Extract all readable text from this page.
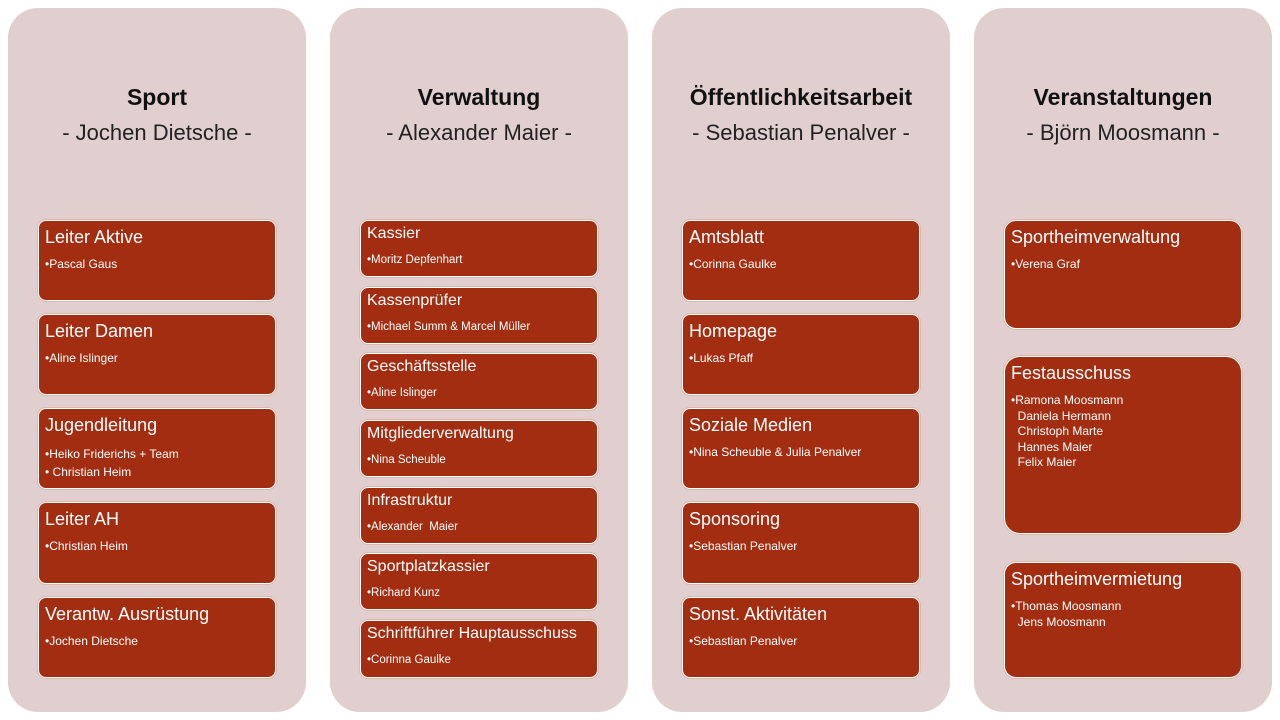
Sport
- Jochen Dietsche -
Leiter Aktive
•Pascal Gaus
Leiter Damen
•Aline Islinger
Jugendleitung
•Heiko Friderichs + Team
• Christian Heim
Leiter AH
•Christian Heim
Verantw. Ausrüstung
•Jochen Dietsche
Verwaltung
- Alexander Maier -
Kassier
•Moritz Depfenhart
Kassenprüfer
•Michael Summ & Marcel Müller
Geschäftsstelle
•Aline Islinger
Mitgliederverwaltung
•Nina Scheuble
Infrastruktur
•Alexander  Maier
Sportplatzkassier
•Richard Kunz
Schriftführer Hauptausschuss
•Corinna Gaulke
Öffentlichkeitsarbeit
- Sebastian Penalver -
Amtsblatt
•Corinna Gaulke
Homepage
•Lukas Pfaff
Soziale Medien
•Nina Scheuble & Julia Penalver
Sponsoring
•Sebastian Penalver
Sonst. Aktivitäten
•Sebastian Penalver
Veranstaltungen
- Björn Moosmann -
Sportheimverwaltung
•Verena Graf
Festausschuss
•Ramona Moosmann
Daniela Hermann
Christoph Marte
Hannes Maier
Felix Maier
Sportheimvermietung
•Thomas Moosmann
Jens Moosmann
